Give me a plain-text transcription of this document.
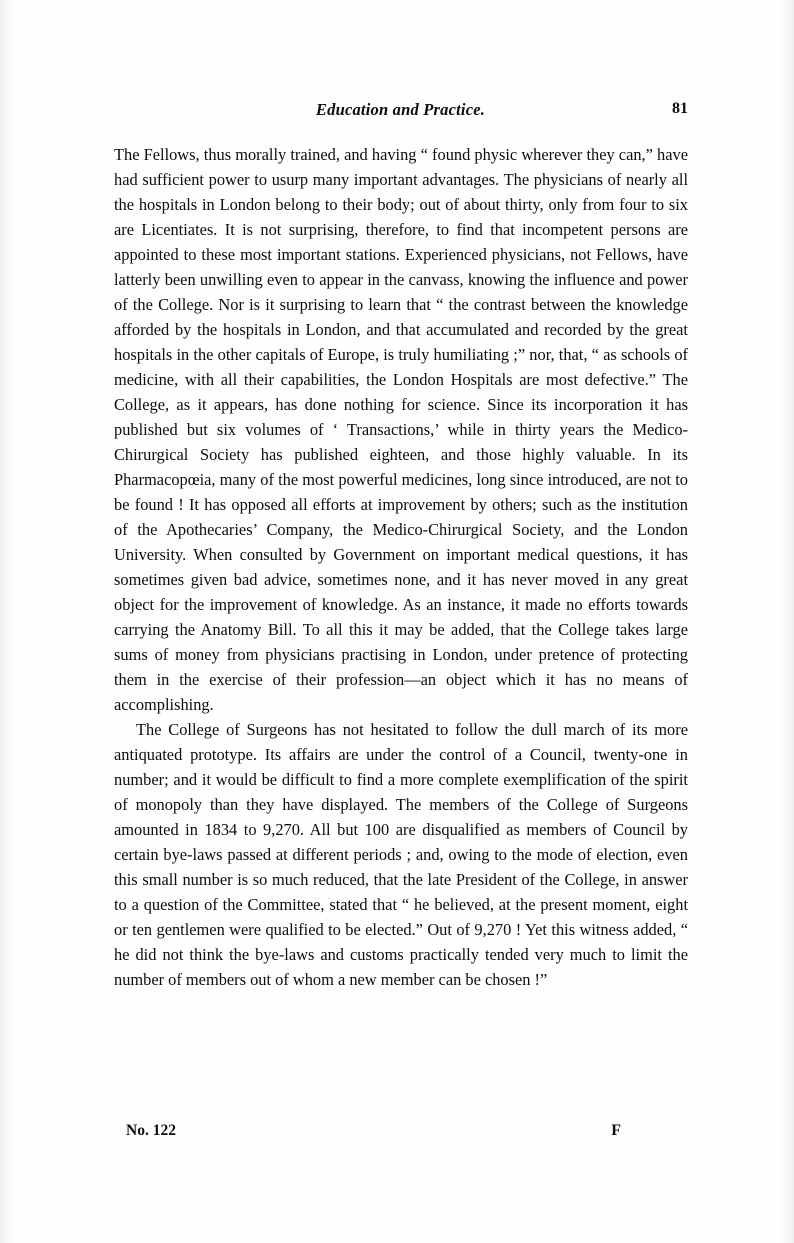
Education and Practice.	81

The Fellows, thus morally trained, and having “ found physic wherever they can,” have had sufficient power to usurp many important advantages. The physicians of nearly all the hospitals in London belong to their body; out of about thirty, only from four to six are Licentiates. It is not surprising, therefore, to find that incompetent persons are appointed to these most important stations. Experienced physicians, not Fellows, have latterly been unwilling even to appear in the canvass, knowing the influence and power of the College. Nor is it surprising to learn that “ the contrast between the knowledge afforded by the hospitals in London, and that accumulated and recorded by the great hospitals in the other capitals of Europe, is truly humiliating ;” nor, that, “ as schools of medicine, with all their capabilities, the London Hospitals are most defective.” The College, as it appears, has done nothing for science. Since its incorporation it has published but six volumes of ‘ Transactions,’ while in thirty years the Medico-Chirurgical Society has published eighteen, and those highly valuable. In its Pharmacopœia, many of the most powerful medicines, long since introduced, are not to be found ! It has opposed all efforts at improvement by others; such as the institution of the Apothecaries’ Company, the Medico-Chirurgical Society, and the London University. When consulted by Government on important medical questions, it has sometimes given bad advice, sometimes none, and it has never moved in any great object for the improvement of knowledge. As an instance, it made no efforts towards carrying the Anatomy Bill. To all this it may be added, that the College takes large sums of money from physicians practising in London, under pretence of protecting them in the exercise of their profession—an object which it has no means of accomplishing.

The College of Surgeons has not hesitated to follow the dull march of its more antiquated prototype. Its affairs are under the control of a Council, twenty-one in number; and it would be difficult to find a more complete exemplification of the spirit of monopoly than they have displayed. The members of the College of Surgeons amounted in 1834 to 9,270. All but 100 are disqualified as members of Council by certain bye-laws passed at different periods ; and, owing to the mode of election, even this small number is so much reduced, that the late President of the College, in answer to a question of the Committee, stated that “ he believed, at the present moment, eight or ten gentlemen were qualified to be elected.” Out of 9,270 ! Yet this witness added, “ he did not think the bye-laws and customs practically tended very much to limit the number of members out of whom a new member can be chosen !”

No. 122	F
